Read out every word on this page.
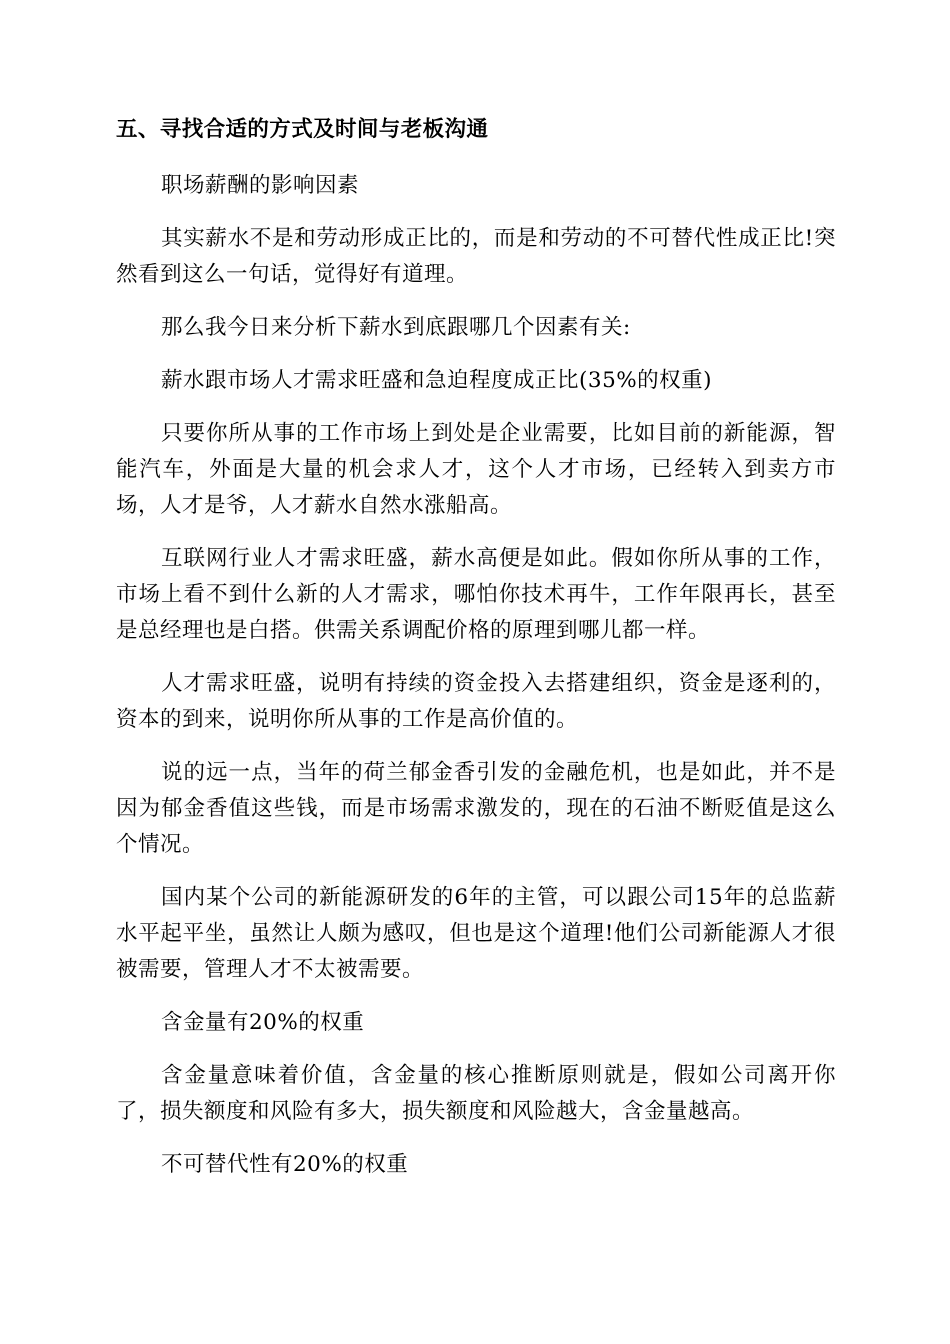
五、寻找合适的方式及时间与老板沟通

职场薪酬的影响因素

其实薪水不是和劳动形成正比的，而是和劳动的不可替代性成正比!突然看到这么一句话，觉得好有道理。

那么我今日来分析下薪水到底跟哪几个因素有关:

薪水跟市场人才需求旺盛和急迫程度成正比(35%的权重)

只要你所从事的工作市场上到处是企业需要，比如目前的新能源，智能汽车，外面是大量的机会求人才，这个人才市场，已经转入到卖方市场，人才是爷，人才薪水自然水涨船高。

互联网行业人才需求旺盛，薪水高便是如此。假如你所从事的工作，市场上看不到什么新的人才需求，哪怕你技术再牛，工作年限再长，甚至是总经理也是白搭。供需关系调配价格的原理到哪儿都一样。

人才需求旺盛，说明有持续的资金投入去搭建组织，资金是逐利的，资本的到来，说明你所从事的工作是高价值的。

说的远一点，当年的荷兰郁金香引发的金融危机，也是如此，并不是因为郁金香值这些钱，而是市场需求激发的，现在的石油不断贬值是这么个情况。

国内某个公司的新能源研发的6年的主管，可以跟公司15年的总监薪水平起平坐，虽然让人颇为感叹，但也是这个道理!他们公司新能源人才很被需要，管理人才不太被需要。

含金量有20%的权重

含金量意味着价值，含金量的核心推断原则就是，假如公司离开你了，损失额度和风险有多大，损失额度和风险越大，含金量越高。

不可替代性有20%的权重
